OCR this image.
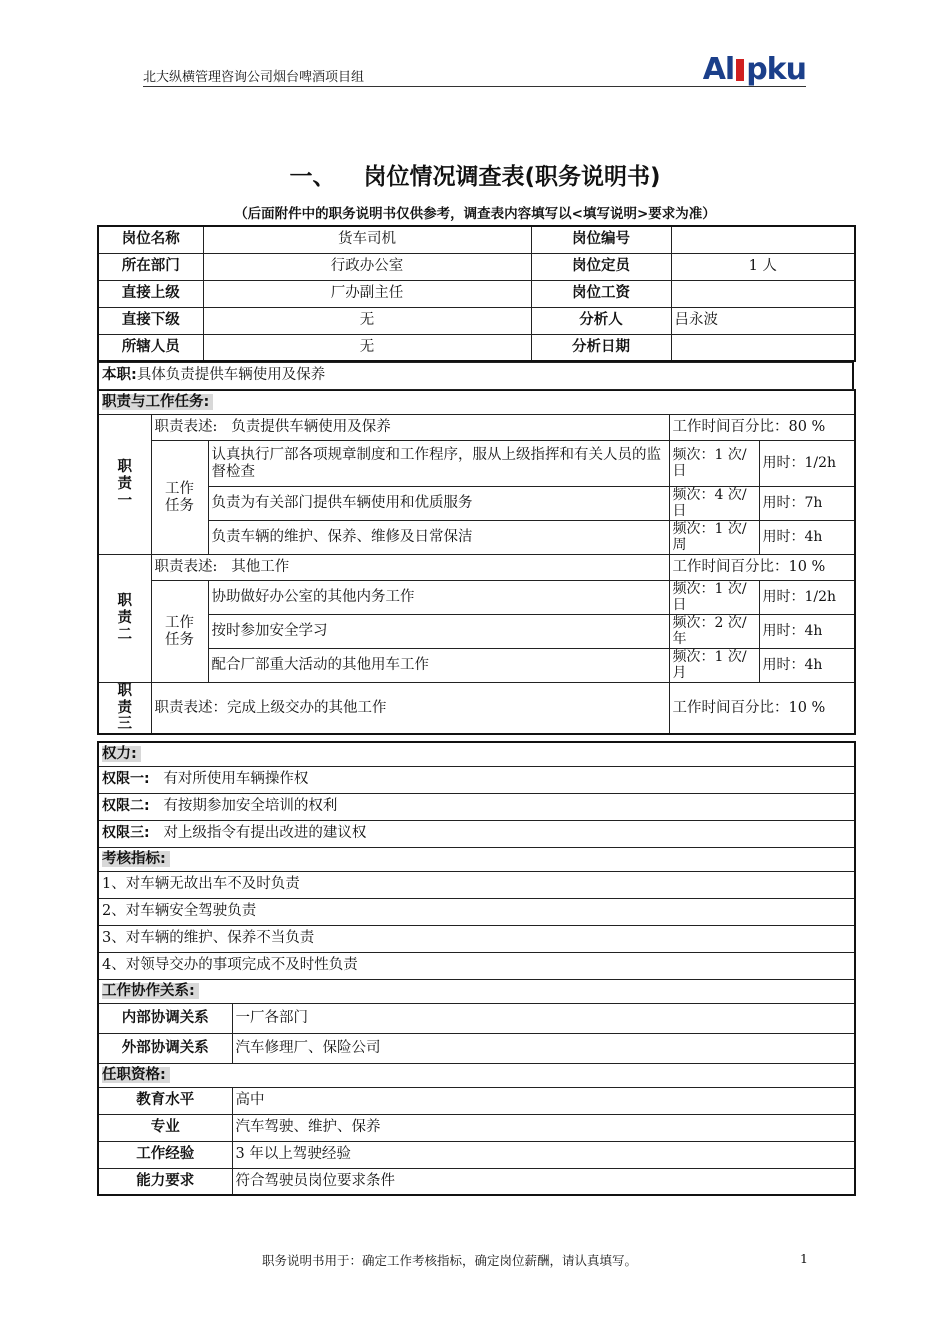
北大纵横管理咨询公司烟台啤酒项目组	Al pku
一、 岗位情况调查表(职务说明书)
（后面附件中的职务说明书仅供参考，调查表内容填写以<填写说明>要求为准）
岗位名称	货车司机	岗位编号	
所在部门	行政办公室	岗位定员	1 人
直接上级	厂办副主任	岗位工资	
直接下级	无	分析人	吕永波
所辖人员	无	分析日期	
本职:具体负责提供车辆使用及保养
职责与工作任务:				
职
责
一	职责表述: 负责提供车辆使用及保养		工作时间百分比：80 %	
	工作
任务	认真执行厂部各项规章制度和工作程序，服从上级指挥和有关人员的监督检查	频次：1 次/日	用时：1/2h
		负责为有关部门提供车辆使用和优质服务	频次：4 次/日	用时：7h
		负责车辆的维护、保养、维修及日常保洁	频次：1 次/周	用时：4h
职
责
二	职责表述: 其他工作		工作时间百分比：10 %	
	工作
任务	协助做好办公室的其他内务工作	频次：1 次/日	用时：1/2h
		按时参加安全学习	频次：2 次/年	用时：4h
		配合厂部重大活动的其他用车工作	频次：1 次/月	用时：4h
职
责
三	职责表述：完成上级交办的其他工作		工作时间百分比：10 %	
权力:	
权限一: 有对所使用车辆操作权	
权限二: 有按期参加安全培训的权利	
权限三: 对上级指令有提出改进的建议权	
考核指标:	
1、对车辆无故出车不及时负责	
2、对车辆安全驾驶负责	
3、对车辆的维护、保养不当负责	
4、对领导交办的事项完成不及时性负责	
工作协作关系:	
内部协调关系	一厂各部门
外部协调关系	汽车修理厂、保险公司
任职资格:	
教育水平	高中
专业	汽车驾驶、维护、保养
工作经验	3 年以上驾驶经验
能力要求	符合驾驶员岗位要求条件
职务说明书用于：确定工作考核指标，确定岗位薪酬，请认真填写。	1
